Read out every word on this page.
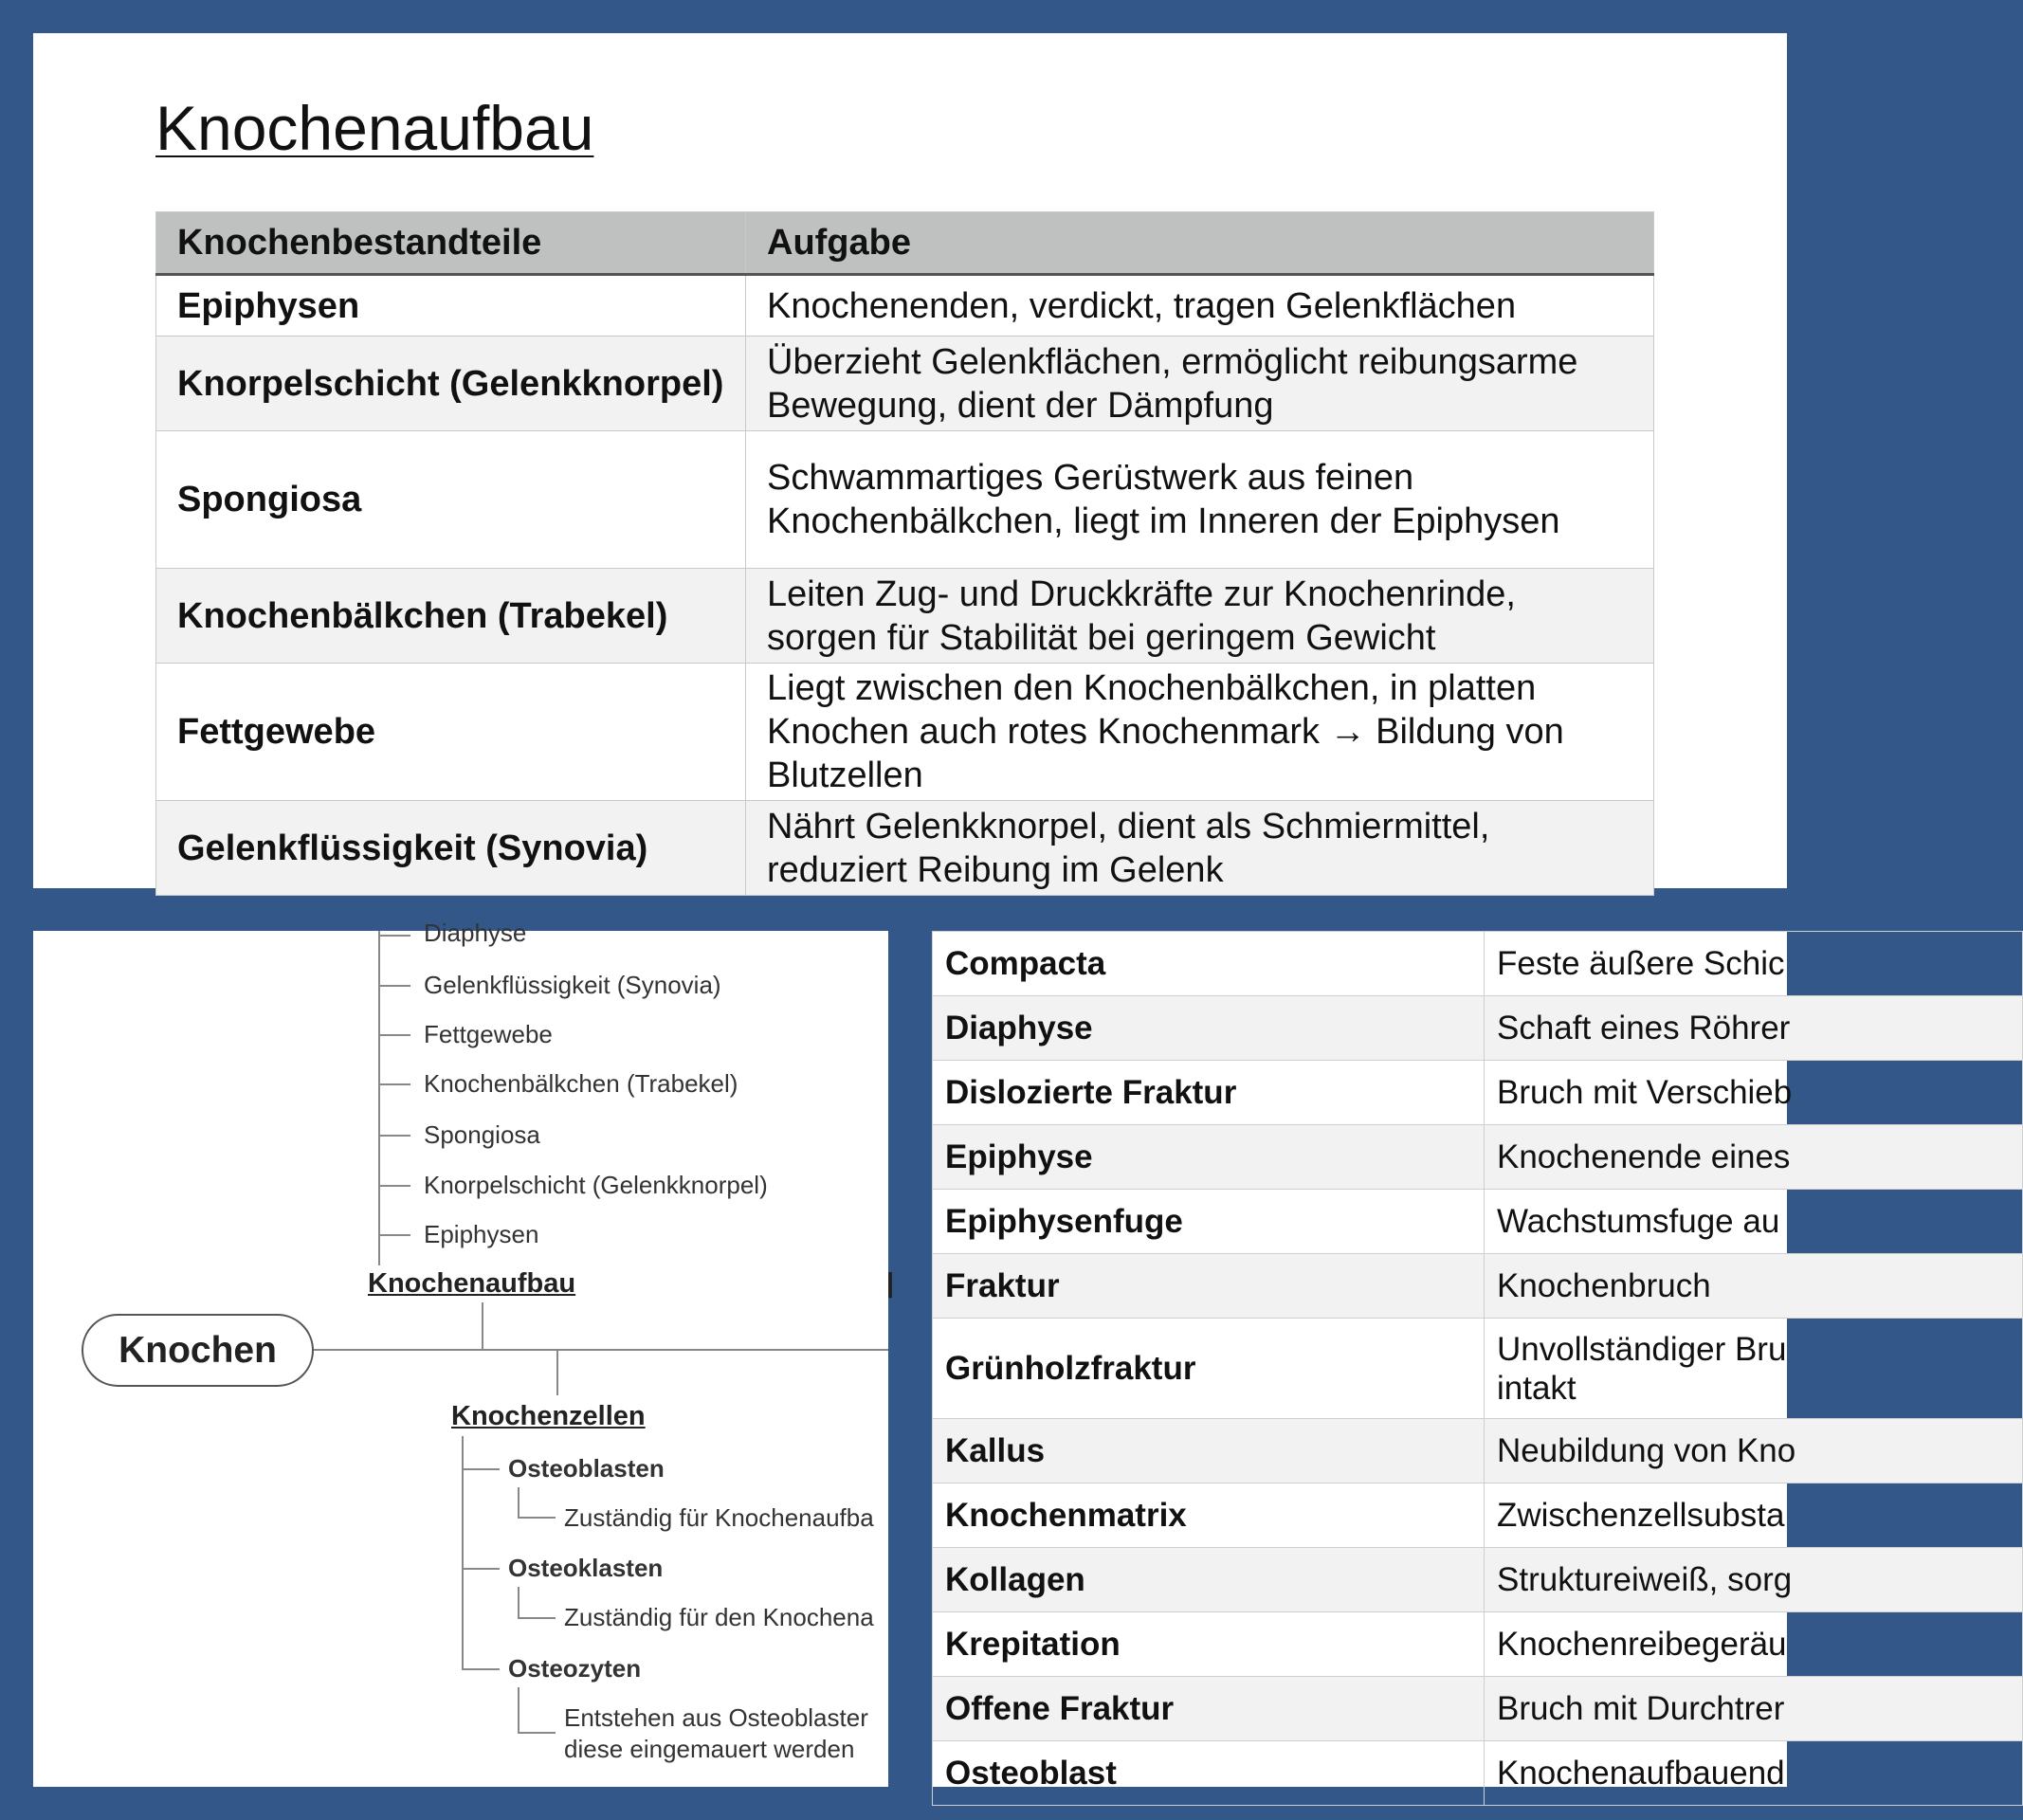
Knochenaufbau
Knochenbestandteile	Aufgabe
Epiphysen	Knochenenden, verdickt, tragen Gelenkflächen
Knorpelschicht (Gelenkknorpel)	Überzieht Gelenkflächen, ermöglicht reibungsarme Bewegung, dient der Dämpfung
Spongiosa	Schwammartiges Gerüstwerk aus feinen Knochenbälkchen, liegt im Inneren der Epiphysen
Knochenbälkchen (Trabekel)	Leiten Zug- und Druckkräfte zur Knochenrinde, sorgen für Stabilität bei geringem Gewicht
Fettgewebe	Liegt zwischen den Knochenbälkchen, in platten Knochen auch rotes Knochenmark → Bildung von Blutzellen
Gelenkflüssigkeit (Synovia)	Nährt Gelenkknorpel, dient als Schmiermittel, reduziert Reibung im Gelenk
Diaphyse
Gelenkflüssigkeit (Synovia)
Fettgewebe
Knochenbälkchen (Trabekel)
Spongiosa
Knorpelschicht (Gelenkknorpel)
Epiphysen
Knochenaufbau	|
Knochen
Knochenzellen
Osteoblasten
Zuständig für Knochenaufba
Osteoklasten
Zuständig für den Knochena
Osteozyten
Entstehen aus Osteoblaster
diese eingemauert werden
Compacta	Feste äußere Schic
Diaphyse	Schaft eines Röhrer
Dislozierte Fraktur	Bruch mit Verschieb
Epiphyse	Knochenende eines
Epiphysenfuge	Wachstumsfuge au
Fraktur	Knochenbruch
Grünholzfraktur	Unvollständiger Bru
intakt

Kallus	Neubildung von Kno
Knochenmatrix	Zwischenzellsubsta
Kollagen	Struktureiweiß, sorg
Krepitation	Knochenreibegeräu
Offene Fraktur	Bruch mit Durchtrer
Osteoblast	Knochenaufbauend
